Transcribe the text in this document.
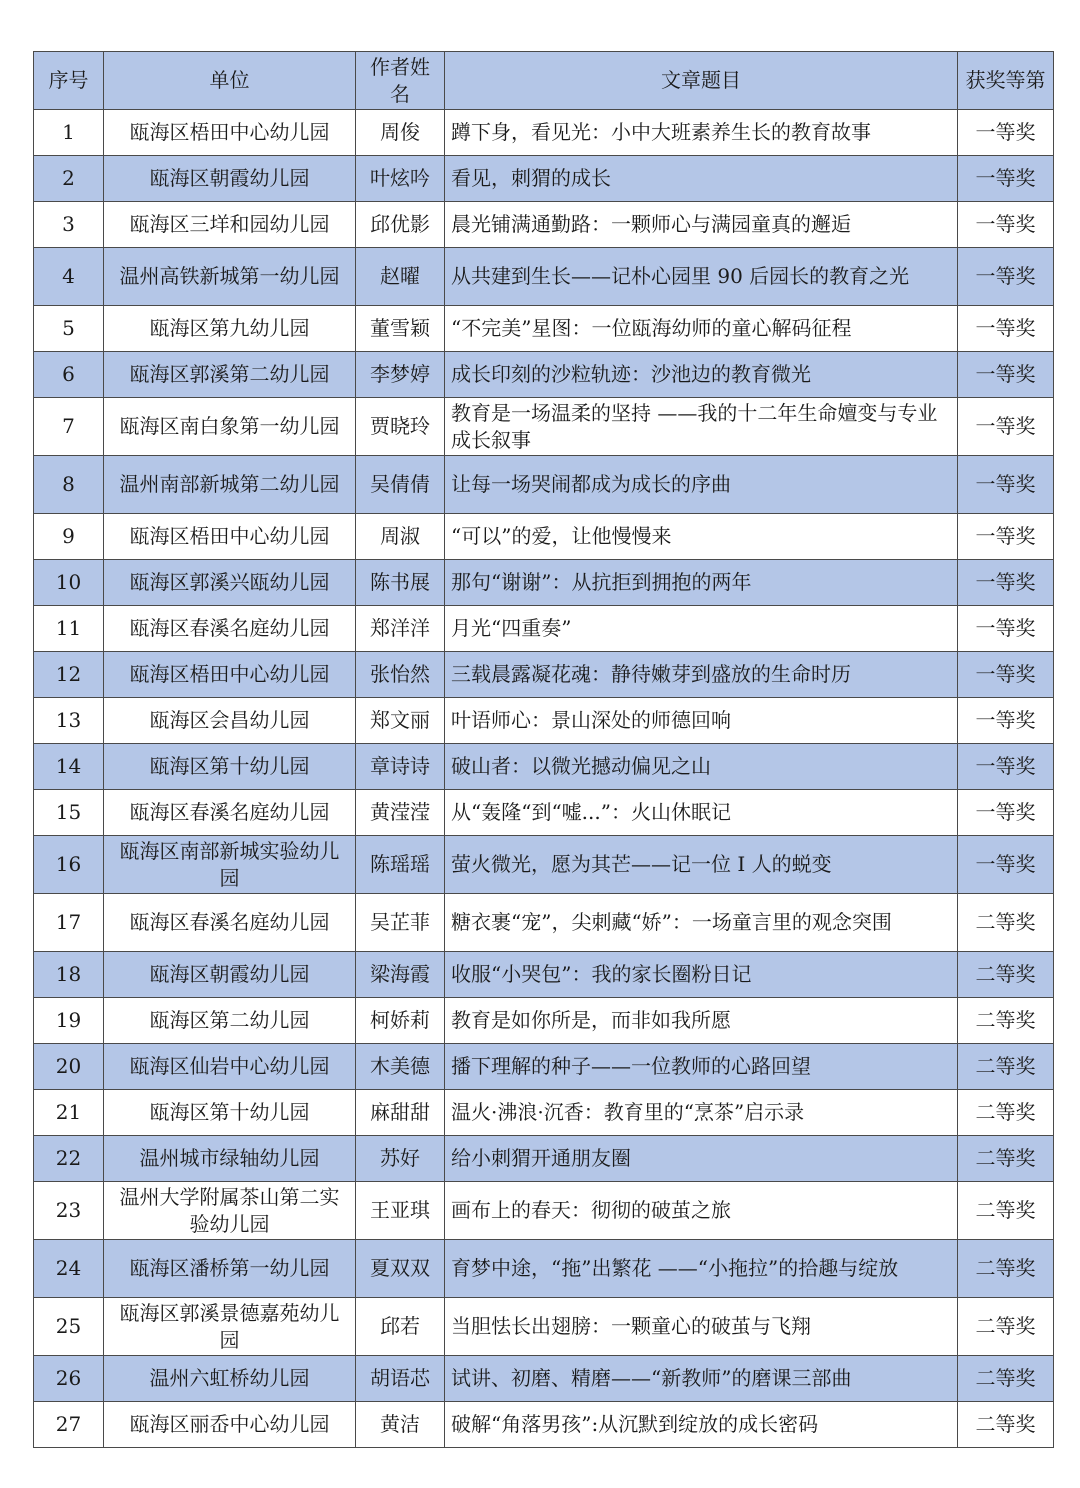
序号	单位	作者姓名	文章题目	获奖等第
1	瓯海区梧田中心幼儿园	周俊	蹲下身，看见光：小中大班素养生长的教育故事	一等奖
2	瓯海区朝霞幼儿园	叶炫吟	看见，刺猬的成长	一等奖
3	瓯海区三垟和园幼儿园	邱优影	晨光铺满通勤路：一颗师心与满园童真的邂逅	一等奖
4	温州高铁新城第一幼儿园	赵曜	从共建到生长——记朴心园里 90 后园长的教育之光	一等奖
5	瓯海区第九幼儿园	董雪颖	“不完美”星图：一位瓯海幼师的童心解码征程	一等奖
6	瓯海区郭溪第二幼儿园	李梦婷	成长印刻的沙粒轨迹：沙池边的教育微光	一等奖
7	瓯海区南白象第一幼儿园	贾晓玲	教育是一场温柔的坚持 ——我的十二年生命嬗变与专业成长叙事	一等奖
8	温州南部新城第二幼儿园	吴倩倩	让每一场哭闹都成为成长的序曲	一等奖
9	瓯海区梧田中心幼儿园	周淑	“可以”的爱，让他慢慢来	一等奖
10	瓯海区郭溪兴瓯幼儿园	陈书展	那句“谢谢”：从抗拒到拥抱的两年	一等奖
11	瓯海区春溪名庭幼儿园	郑洋洋	月光“四重奏”	一等奖
12	瓯海区梧田中心幼儿园	张怡然	三载晨露凝花魂：静待嫩芽到盛放的生命时历	一等奖
13	瓯海区会昌幼儿园	郑文丽	叶语师心：景山深处的师德回响	一等奖
14	瓯海区第十幼儿园	章诗诗	破山者：以微光撼动偏见之山	一等奖
15	瓯海区春溪名庭幼儿园	黄滢滢	从“轰隆“到“嘘...”：火山休眠记	一等奖
16	瓯海区南部新城实验幼儿园	陈瑶瑶	萤火微光，愿为其芒——记一位 I 人的蜕变	一等奖
17	瓯海区春溪名庭幼儿园	吴芷菲	糖衣裹“宠”，尖刺藏“娇”：一场童言里的观念突围	二等奖
18	瓯海区朝霞幼儿园	梁海霞	收服“小哭包”：我的家长圈粉日记	二等奖
19	瓯海区第二幼儿园	柯娇莉	教育是如你所是，而非如我所愿	二等奖
20	瓯海区仙岩中心幼儿园	木美德	播下理解的种子——一位教师的心路回望	二等奖
21	瓯海区第十幼儿园	麻甜甜	温火·沸浪·沉香：教育里的“烹茶”启示录	二等奖
22	温州城市绿轴幼儿园	苏好	给小刺猬开通朋友圈	二等奖
23	温州大学附属茶山第二实验幼儿园	王亚琪	画布上的春天：彻彻的破茧之旅	二等奖
24	瓯海区潘桥第一幼儿园	夏双双	育梦中途，“拖”出繁花 ——“小拖拉”的拾趣与绽放	二等奖
25	瓯海区郭溪景德嘉苑幼儿园	邱若	当胆怯长出翅膀：一颗童心的破茧与飞翔	二等奖
26	温州六虹桥幼儿园	胡语芯	试讲、初磨、精磨——“新教师”的磨课三部曲	二等奖
27	瓯海区丽岙中心幼儿园	黄洁	破解“角落男孩”:从沉默到绽放的成长密码	二等奖
